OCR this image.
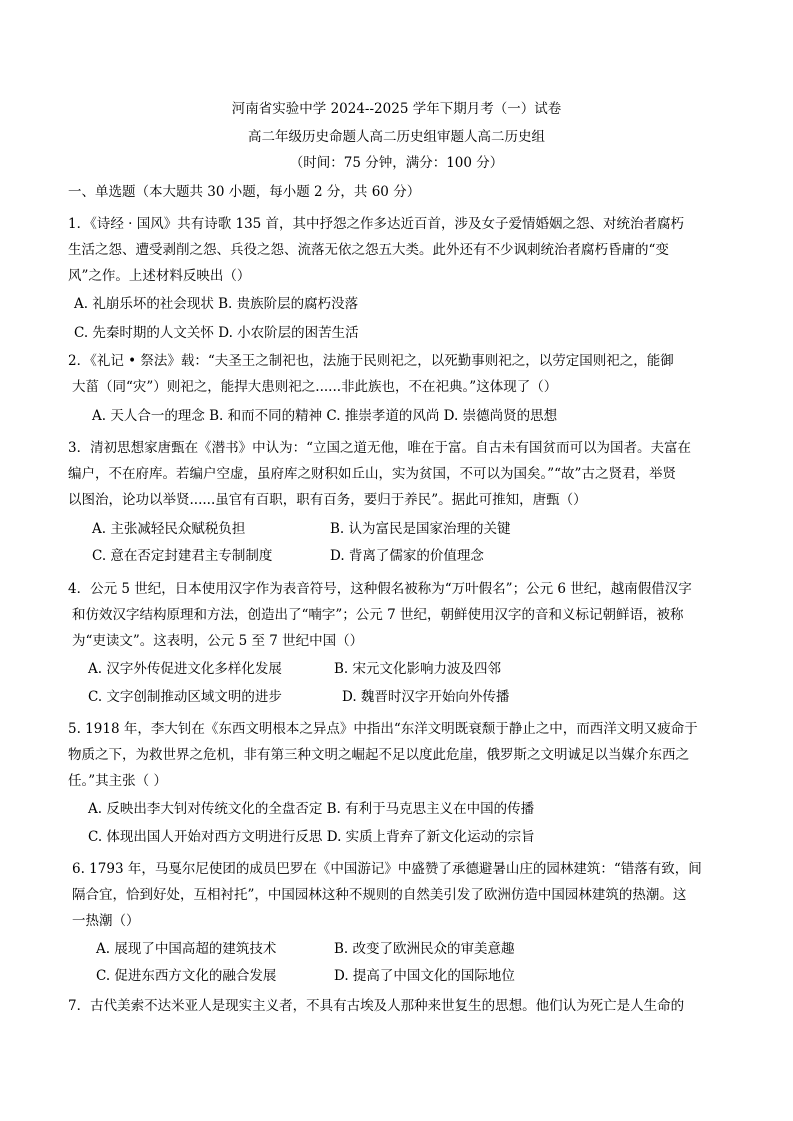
河南省实验中学 2024--2025 学年下期月考（一）试卷
高二年级历史命题人高二历史组审题人高二历史组
（时间：75 分钟，满分：100 分）
一、单选题（本大题共 30 小题，每小题 2 分，共 60 分）
1．《诗经 · 国风》共有诗歌 135 首，其中抒怨之作多达近百首，涉及女子爱情婚姻之怨、对统治者腐朽
生活之怨、遭受剥削之怨、兵役之怨、流落无依之怨五大类。此外还有不少讽刺统治者腐朽昏庸的“变
风”之作。上述材料反映出（）
A. 礼崩乐坏的社会现状 B. 贵族阶层的腐朽没落
C. 先秦时期的人文关怀 D. 小农阶层的困苦生活
2．《礼记 • 祭法》载：“夫圣王之制祀也，法施于民则祀之，以死勤事则祀之，以劳定国则祀之，能御
大菑（同“灾”）则祀之，能捍大患则祀之......非此族也，不在祀典。”这体现了（）
A. 天人合一的理念 B. 和而不同的精神 C. 推崇孝道的风尚 D. 崇德尚贤的思想
3．清初思想家唐甄在《潜书》中认为：“立国之道无他，唯在于富。自古未有国贫而可以为国者。夫富在
编户，不在府库。若编户空虚，虽府库之财积如丘山，实为贫国，不可以为国矣。”“故”古之贤君，举贤
以图治，论功以举贤......虽官有百职，职有百务，要归于养民”。据此可推知，唐甄（）
A. 主张减轻民众赋税负担	B. 认为富民是国家治理的关键
C. 意在否定封建君主专制制度	D. 背离了儒家的价值理念
4．公元 5 世纪，日本使用汉字作为表音符号，这种假名被称为“万叶假名”；公元 6 世纪，越南假借汉字
和仿效汉字结构原理和方法，创造出了“喃字”；公元 7 世纪，朝鲜使用汉字的音和义标记朝鲜语，被称
为“吏读文”。这表明，公元 5 至 7 世纪中国（）
A. 汉字外传促进文化多样化发展	B. 宋元文化影响力波及四邻
C. 文字创制推动区域文明的进步	D. 魏晋时汉字开始向外传播
5. 1918 年，李大钊在《东西文明根本之异点》中指出“东洋文明既衰颓于静止之中，而西洋文明又疲命于
物质之下，为救世界之危机，非有第三种文明之崛起不足以度此危崖，俄罗斯之文明诚足以当媒介东西之
任。”其主张（ ）
A. 反映出李大钊对传统文化的全盘否定 B. 有利于马克思主义在中国的传播
C. 体现出国人开始对西方文明进行反思 D. 实质上背弃了新文化运动的宗旨
6. 1793 年，马戛尔尼使团的成员巴罗在《中国游记》中盛赞了承德避暑山庄的园林建筑：“错落有致，间
隔合宜，恰到好处，互相衬托”，中国园林这种不规则的自然美引发了欧洲仿造中国园林建筑的热潮。这
一热潮（）
A. 展现了中国高超的建筑技术	B. 改变了欧洲民众的审美意趣
C. 促进东西方文化的融合发展	D. 提高了中国文化的国际地位
7．古代美索不达米亚人是现实主义者，不具有古埃及人那种来世复生的思想。他们认为死亡是人生命的
